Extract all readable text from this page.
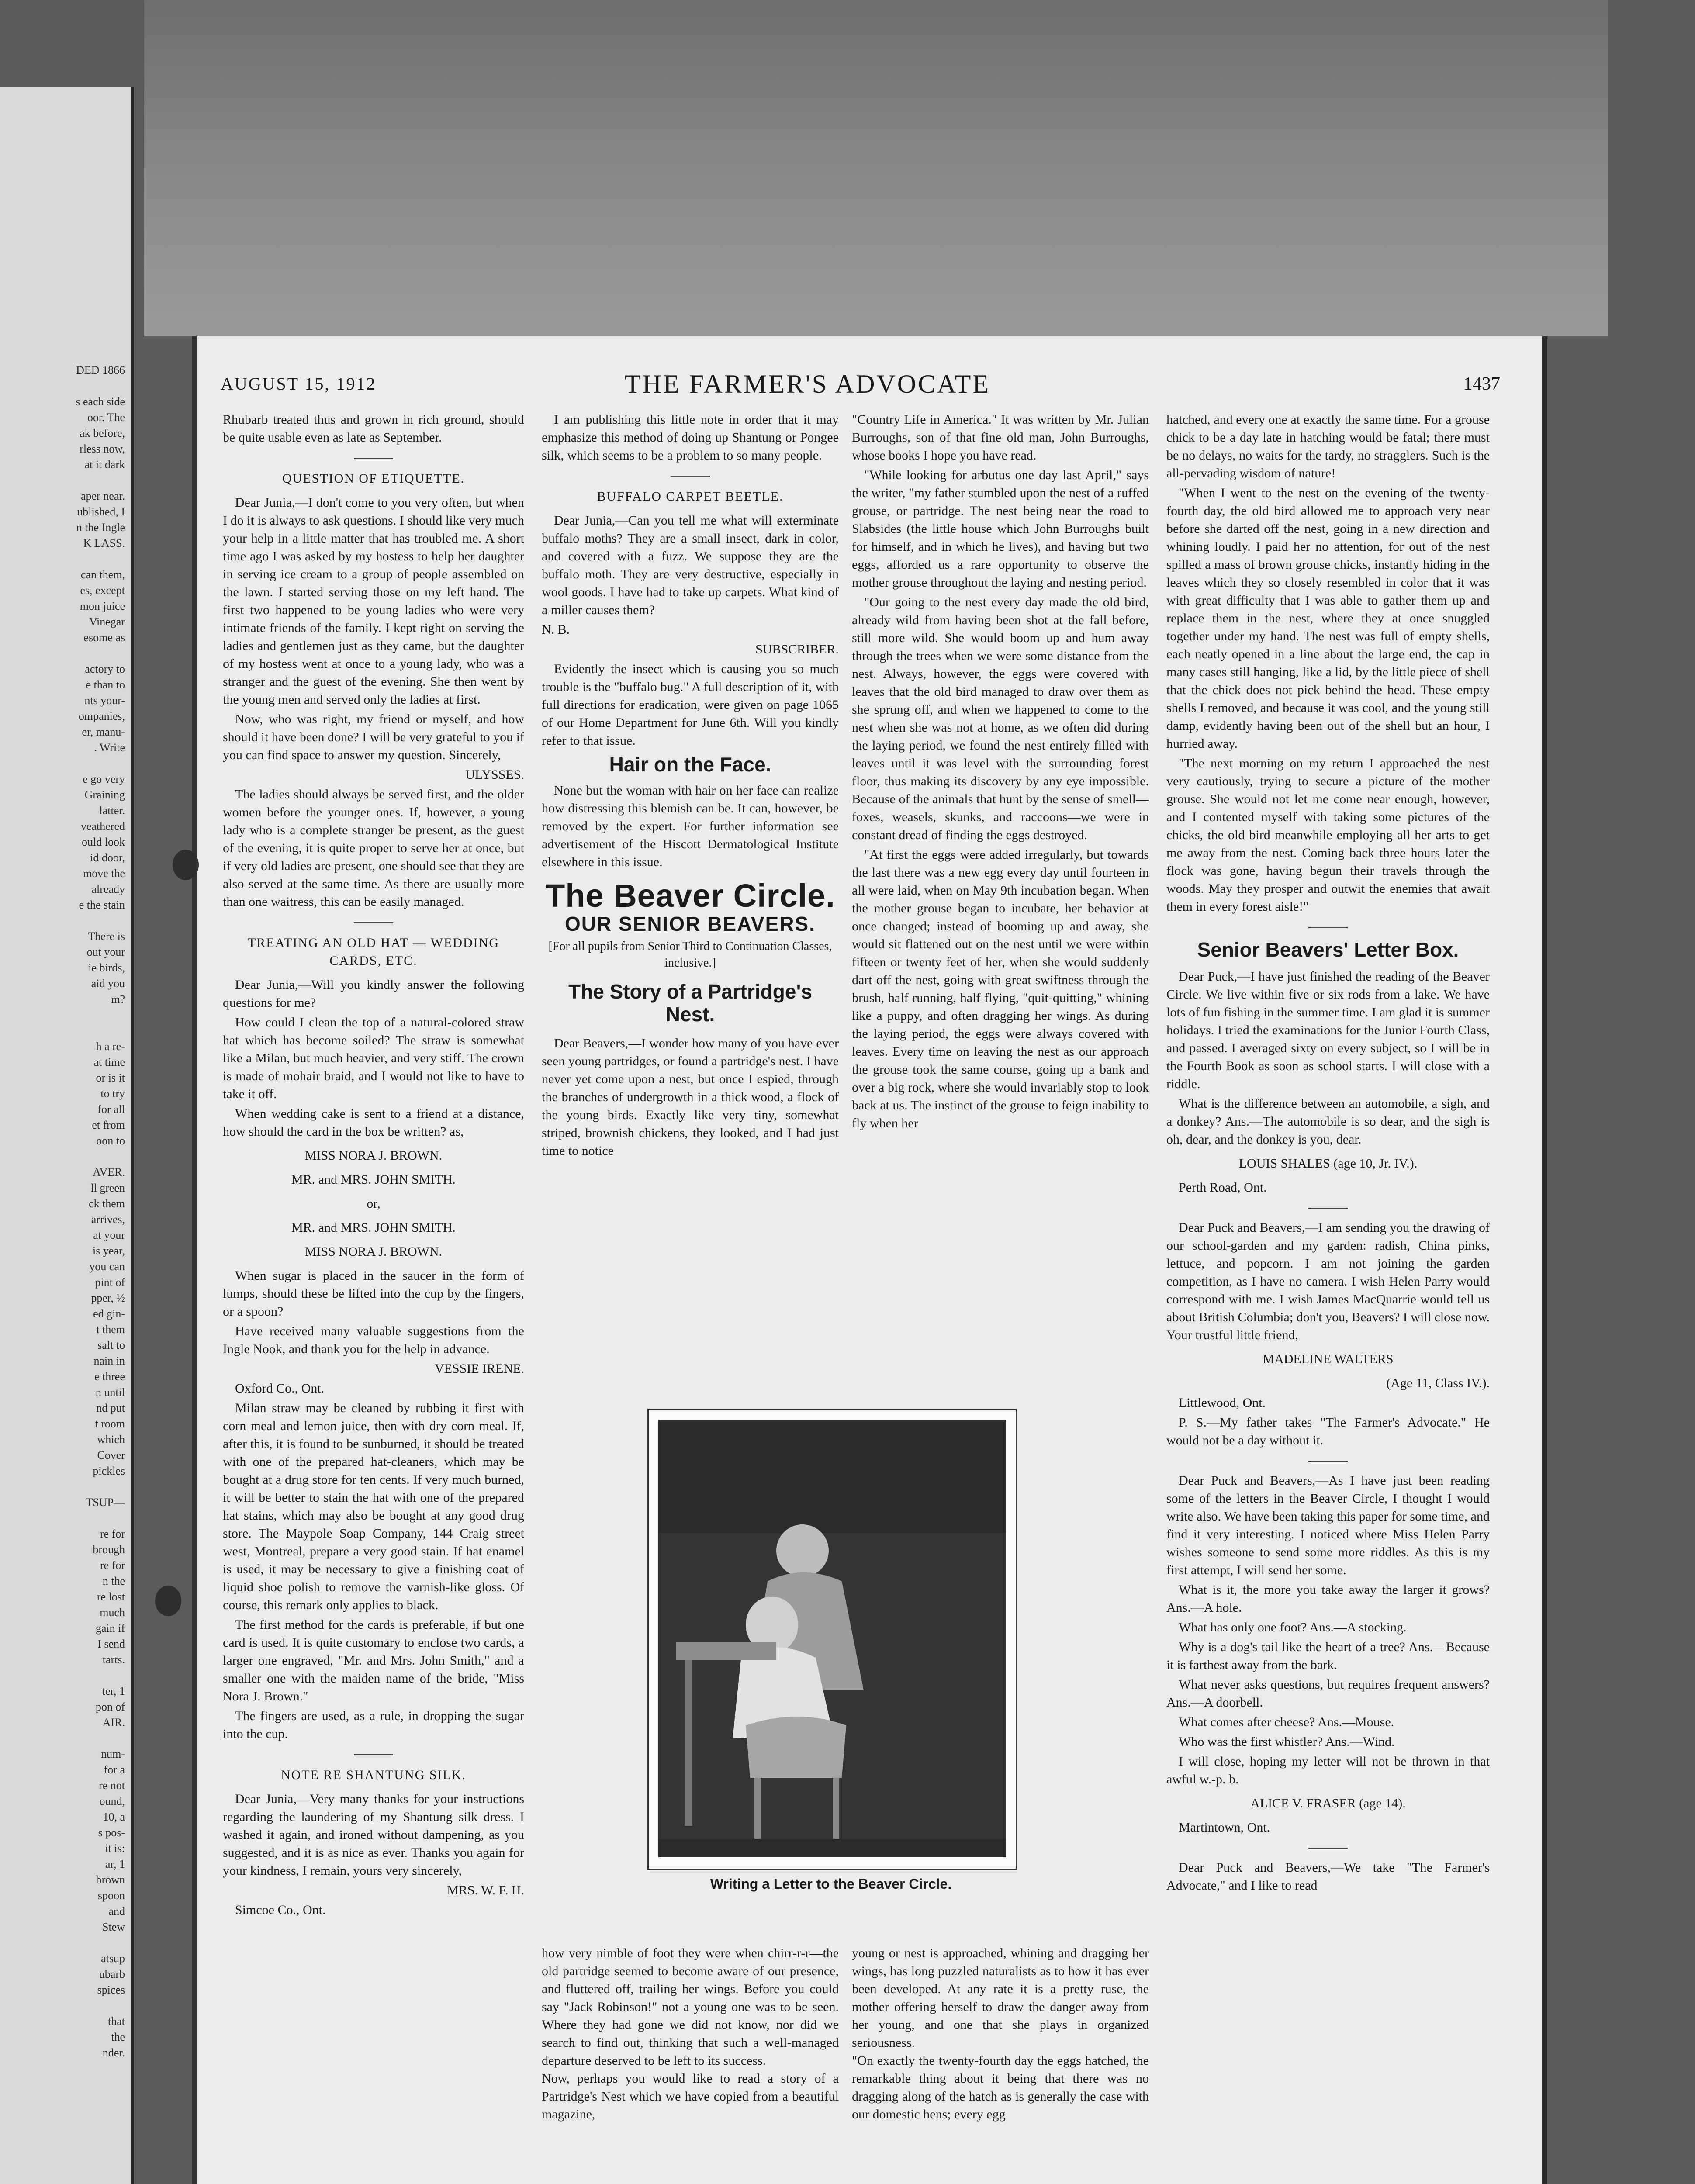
DED 1866

s each side
oor. The
ak before,
rless now,
at it dark

aper near.
ublished, I
n the Ingle
K LASS.

can them,
es, except
mon juice
Vinegar
esome as

actory to
e than to
nts your-
ompanies,
er, manu-
. Write

e go very
Graining
latter.
veathered
ould look
id door,
move the
already
e the stain

There is
out your
ie birds,
aid you
m?

h a re-
at time
or is it
to try
for all
et from
oon to

AVER.
ll green
ck them
arrives,
at your
is year,
you can
pint of
pper, ½
ed gin-
t them
salt to
nain in
e three
n until
nd put
t room
which
Cover
pickles

TSUP—

re for
brough
re for
n the
re lost
much
gain if
I send
tarts.

ter, 1
pon of
AIR.

num-
for a
re not
ound,
10, a
s pos-
it is:
ar, 1
brown
spoon
and
Stew

atsup
ubarb
spices

that
the
nder.
AUGUST 15, 1912	THE FARMER'S ADVOCATE	1437

Rhubarb treated thus and grown in rich ground, should be quite usable even as late as September.

QUESTION OF ETIQUETTE.

Dear Junia,—I don't come to you very often, but when I do it is always to ask questions. I should like very much your help in a little matter that has troubled me. A short time ago I was asked by my hostess to help her daughter in serving ice cream to a group of people assembled on the lawn. I started serving those on my left hand. The first two happened to be young ladies who were very intimate friends of the family. I kept right on serving the ladies and gentlemen just as they came, but the daughter of my hostess went at once to a young lady, who was a stranger and the guest of the evening. She then went by the young men and served only the ladies at first.

Now, who was right, my friend or myself, and how should it have been done? I will be very grateful to you if you can find space to answer my question. Sincerely,

ULYSSES.

The ladies should always be served first, and the older women before the younger ones. If, however, a young lady who is a complete stranger be present, as the guest of the evening, it is quite proper to serve her at once, but if very old ladies are present, one should see that they are also served at the same time. As there are usually more than one waitress, this can be easily managed.

TREATING AN OLD HAT — WEDDING CARDS, ETC.

Dear Junia,—Will you kindly answer the following questions for me?

How could I clean the top of a natural-colored straw hat which has become soiled? The straw is somewhat like a Milan, but much heavier, and very stiff. The crown is made of mohair braid, and I would not like to have to take it off.

When wedding cake is sent to a friend at a distance, how should the card in the box be written? as,

MISS NORA J. BROWN.

MR. and MRS. JOHN SMITH.

or,

MR. and MRS. JOHN SMITH.

MISS NORA J. BROWN.

When sugar is placed in the saucer in the form of lumps, should these be lifted into the cup by the fingers, or a spoon?

Have received many valuable suggestions from the Ingle Nook, and thank you for the help in advance.

VESSIE IRENE.

Oxford Co., Ont.

Milan straw may be cleaned by rubbing it first with corn meal and lemon juice, then with dry corn meal. If, after this, it is found to be sunburned, it should be treated with one of the prepared hat-cleaners, which may be bought at a drug store for ten cents. If very much burned, it will be better to stain the hat with one of the prepared hat stains, which may also be bought at any good drug store. The Maypole Soap Company, 144 Craig street west, Montreal, prepare a very good stain. If hat enamel is used, it may be necessary to give a finishing coat of liquid shoe polish to remove the varnish-like gloss. Of course, this remark only applies to black.

The first method for the cards is preferable, if but one card is used. It is quite customary to enclose two cards, a larger one engraved, "Mr. and Mrs. John Smith," and a smaller one with the maiden name of the bride, "Miss Nora J. Brown."

The fingers are used, as a rule, in dropping the sugar into the cup.

NOTE RE SHANTUNG SILK.

Dear Junia,—Very many thanks for your instructions regarding the laundering of my Shantung silk dress. I washed it again, and ironed without dampening, as you suggested, and it is as nice as ever. Thanks you again for your kindness, I remain, yours very sincerely,

MRS. W. F. H.

Simcoe Co., Ont.

I am publishing this little note in order that it may emphasize this method of doing up Shantung or Pongee silk, which seems to be a problem to so many people.

BUFFALO CARPET BEETLE.

Dear Junia,—Can you tell me what will exterminate buffalo moths? They are a small insect, dark in color, and covered with a fuzz. We suppose they are the buffalo moth. They are very destructive, especially in wool goods. I have had to take up carpets. What kind of a miller causes them?

N. B.

SUBSCRIBER.

Evidently the insect which is causing you so much trouble is the "buffalo bug." A full description of it, with full directions for eradication, were given on page 1065 of our Home Department for June 6th. Will you kindly refer to that issue.

Hair on the Face.

None but the woman with hair on her face can realize how distressing this blemish can be. It can, however, be removed by the expert. For further information see advertisement of the Hiscott Dermatological Institute elsewhere in this issue.

The Beaver Circle.
OUR SENIOR BEAVERS.
[For all pupils from Senior Third to Continuation Classes, inclusive.]
The Story of a Partridge's Nest.

Dear Beavers,—I wonder how many of you have ever seen young partridges, or found a partridge's nest. I have never yet come upon a nest, but once I espied, through the branches of undergrowth in a thick wood, a flock of the young birds. Exactly like very tiny, somewhat striped, brownish chickens, they looked, and I had just time to notice

"Country Life in America." It was written by Mr. Julian Burroughs, son of that fine old man, John Burroughs, whose books I hope you have read.

"While looking for arbutus one day last April," says the writer, "my father stumbled upon the nest of a ruffed grouse, or partridge. The nest being near the road to Slabsides (the little house which John Burroughs built for himself, and in which he lives), and having but two eggs, afforded us a rare opportunity to observe the mother grouse throughout the laying and nesting period.

"Our going to the nest every day made the old bird, already wild from having been shot at the fall before, still more wild. She would boom up and hum away through the trees when we were some distance from the nest. Always, however, the eggs were covered with leaves that the old bird managed to draw over them as she sprung off, and when we happened to come to the nest when she was not at home, as we often did during the laying period, we found the nest entirely filled with leaves until it was level with the surrounding forest floor, thus making its discovery by any eye impossible. Because of the animals that hunt by the sense of smell—foxes, weasels, skunks, and raccoons—we were in constant dread of finding the eggs destroyed.

"At first the eggs were added irregularly, but towards the last there was a new egg every day until fourteen in all were laid, when on May 9th incubation began. When the mother grouse began to incubate, her behavior at once changed; instead of booming up and away, she would sit flattened out on the nest until we were within fifteen or twenty feet of her, when she would suddenly dart off the nest, going with great swiftness through the brush, half running, half flying, "quit-quitting," whining like a puppy, and often dragging her wings. As during the laying period, the eggs were always covered with leaves. Every time on leaving the nest as our approach the grouse took the same course, going up a bank and over a big rock, where she would invariably stop to look back at us. The instinct of the grouse to feign inability to fly when her

hatched, and every one at exactly the same time. For a grouse chick to be a day late in hatching would be fatal; there must be no delays, no waits for the tardy, no stragglers. Such is the all-pervading wisdom of nature!

"When I went to the nest on the evening of the twenty-fourth day, the old bird allowed me to approach very near before she darted off the nest, going in a new direction and whining loudly. I paid her no attention, for out of the nest spilled a mass of brown grouse chicks, instantly hiding in the leaves which they so closely resembled in color that it was with great difficulty that I was able to gather them up and replace them in the nest, where they at once snuggled together under my hand. The nest was full of empty shells, each neatly opened in a line about the large end, the cap in many cases still hanging, like a lid, by the little piece of shell that the chick does not pick behind the head. These empty shells I removed, and because it was cool, and the young still damp, evidently having been out of the shell but an hour, I hurried away.

"The next morning on my return I approached the nest very cautiously, trying to secure a picture of the mother grouse. She would not let me come near enough, however, and I contented myself with taking some pictures of the chicks, the old bird meanwhile employing all her arts to get me away from the nest. Coming back three hours later the flock was gone, having begun their travels through the woods. May they prosper and outwit the enemies that await them in every forest aisle!"

Senior Beavers' Letter Box.

Dear Puck,—I have just finished the reading of the Beaver Circle. We live within five or six rods from a lake. We have lots of fun fishing in the summer time. I am glad it is summer holidays. I tried the examinations for the Junior Fourth Class, and passed. I averaged sixty on every subject, so I will be in the Fourth Book as soon as school starts. I will close with a riddle.

What is the difference between an automobile, a sigh, and a donkey? Ans.—The automobile is so dear, and the sigh is oh, dear, and the donkey is you, dear.

LOUIS SHALES (age 10, Jr. IV.).

Perth Road, Ont.

Dear Puck and Beavers,—I am sending you the drawing of our school-garden and my garden: radish, China pinks, lettuce, and popcorn. I am not joining the garden competition, as I have no camera. I wish Helen Parry would correspond with me. I wish James MacQuarrie would tell us about British Columbia; don't you, Beavers? I will close now. Your trustful little friend,

MADELINE WALTERS

(Age 11, Class IV.).

Littlewood, Ont.

P. S.—My father takes "The Farmer's Advocate." He would not be a day without it.

Dear Puck and Beavers,—As I have just been reading some of the letters in the Beaver Circle, I thought I would write also. We have been taking this paper for some time, and find it very interesting. I noticed where Miss Helen Parry wishes someone to send some more riddles. As this is my first attempt, I will send her some.

What is it, the more you take away the larger it grows? Ans.—A hole.

What has only one foot? Ans.—A stocking.

Why is a dog's tail like the heart of a tree? Ans.—Because it is farthest away from the bark.

What never asks questions, but requires frequent answers? Ans.—A doorbell.

What comes after cheese? Ans.—Mouse.

Who was the first whistler? Ans.—Wind.

I will close, hoping my letter will not be thrown in that awful w.-p. b.

ALICE V. FRASER (age 14).

Martintown, Ont.

Dear Puck and Beavers,—We take "The Farmer's Advocate," and I like to read

Writing a Letter to the Beaver Circle.

how very nimble of foot they were when chirr-r-r—the old partridge seemed to become aware of our presence, and fluttered off, trailing her wings. Before you could say "Jack Robinson!" not a young one was to be seen. Where they had gone we did not know, nor did we search to find out, thinking that such a well-managed departure deserved to be left to its success.
Now, perhaps you would like to read a story of a Partridge's Nest which we have copied from a beautiful magazine,

young or nest is approached, whining and dragging her wings, has long puzzled naturalists as to how it has ever been developed. At any rate it is a pretty ruse, the mother offering herself to draw the danger away from her young, and one that she plays in organized seriousness.
"On exactly the twenty-fourth day the eggs hatched, the remarkable thing about it being that there was no dragging along of the hatch as is generally the case with our domestic hens; every egg
